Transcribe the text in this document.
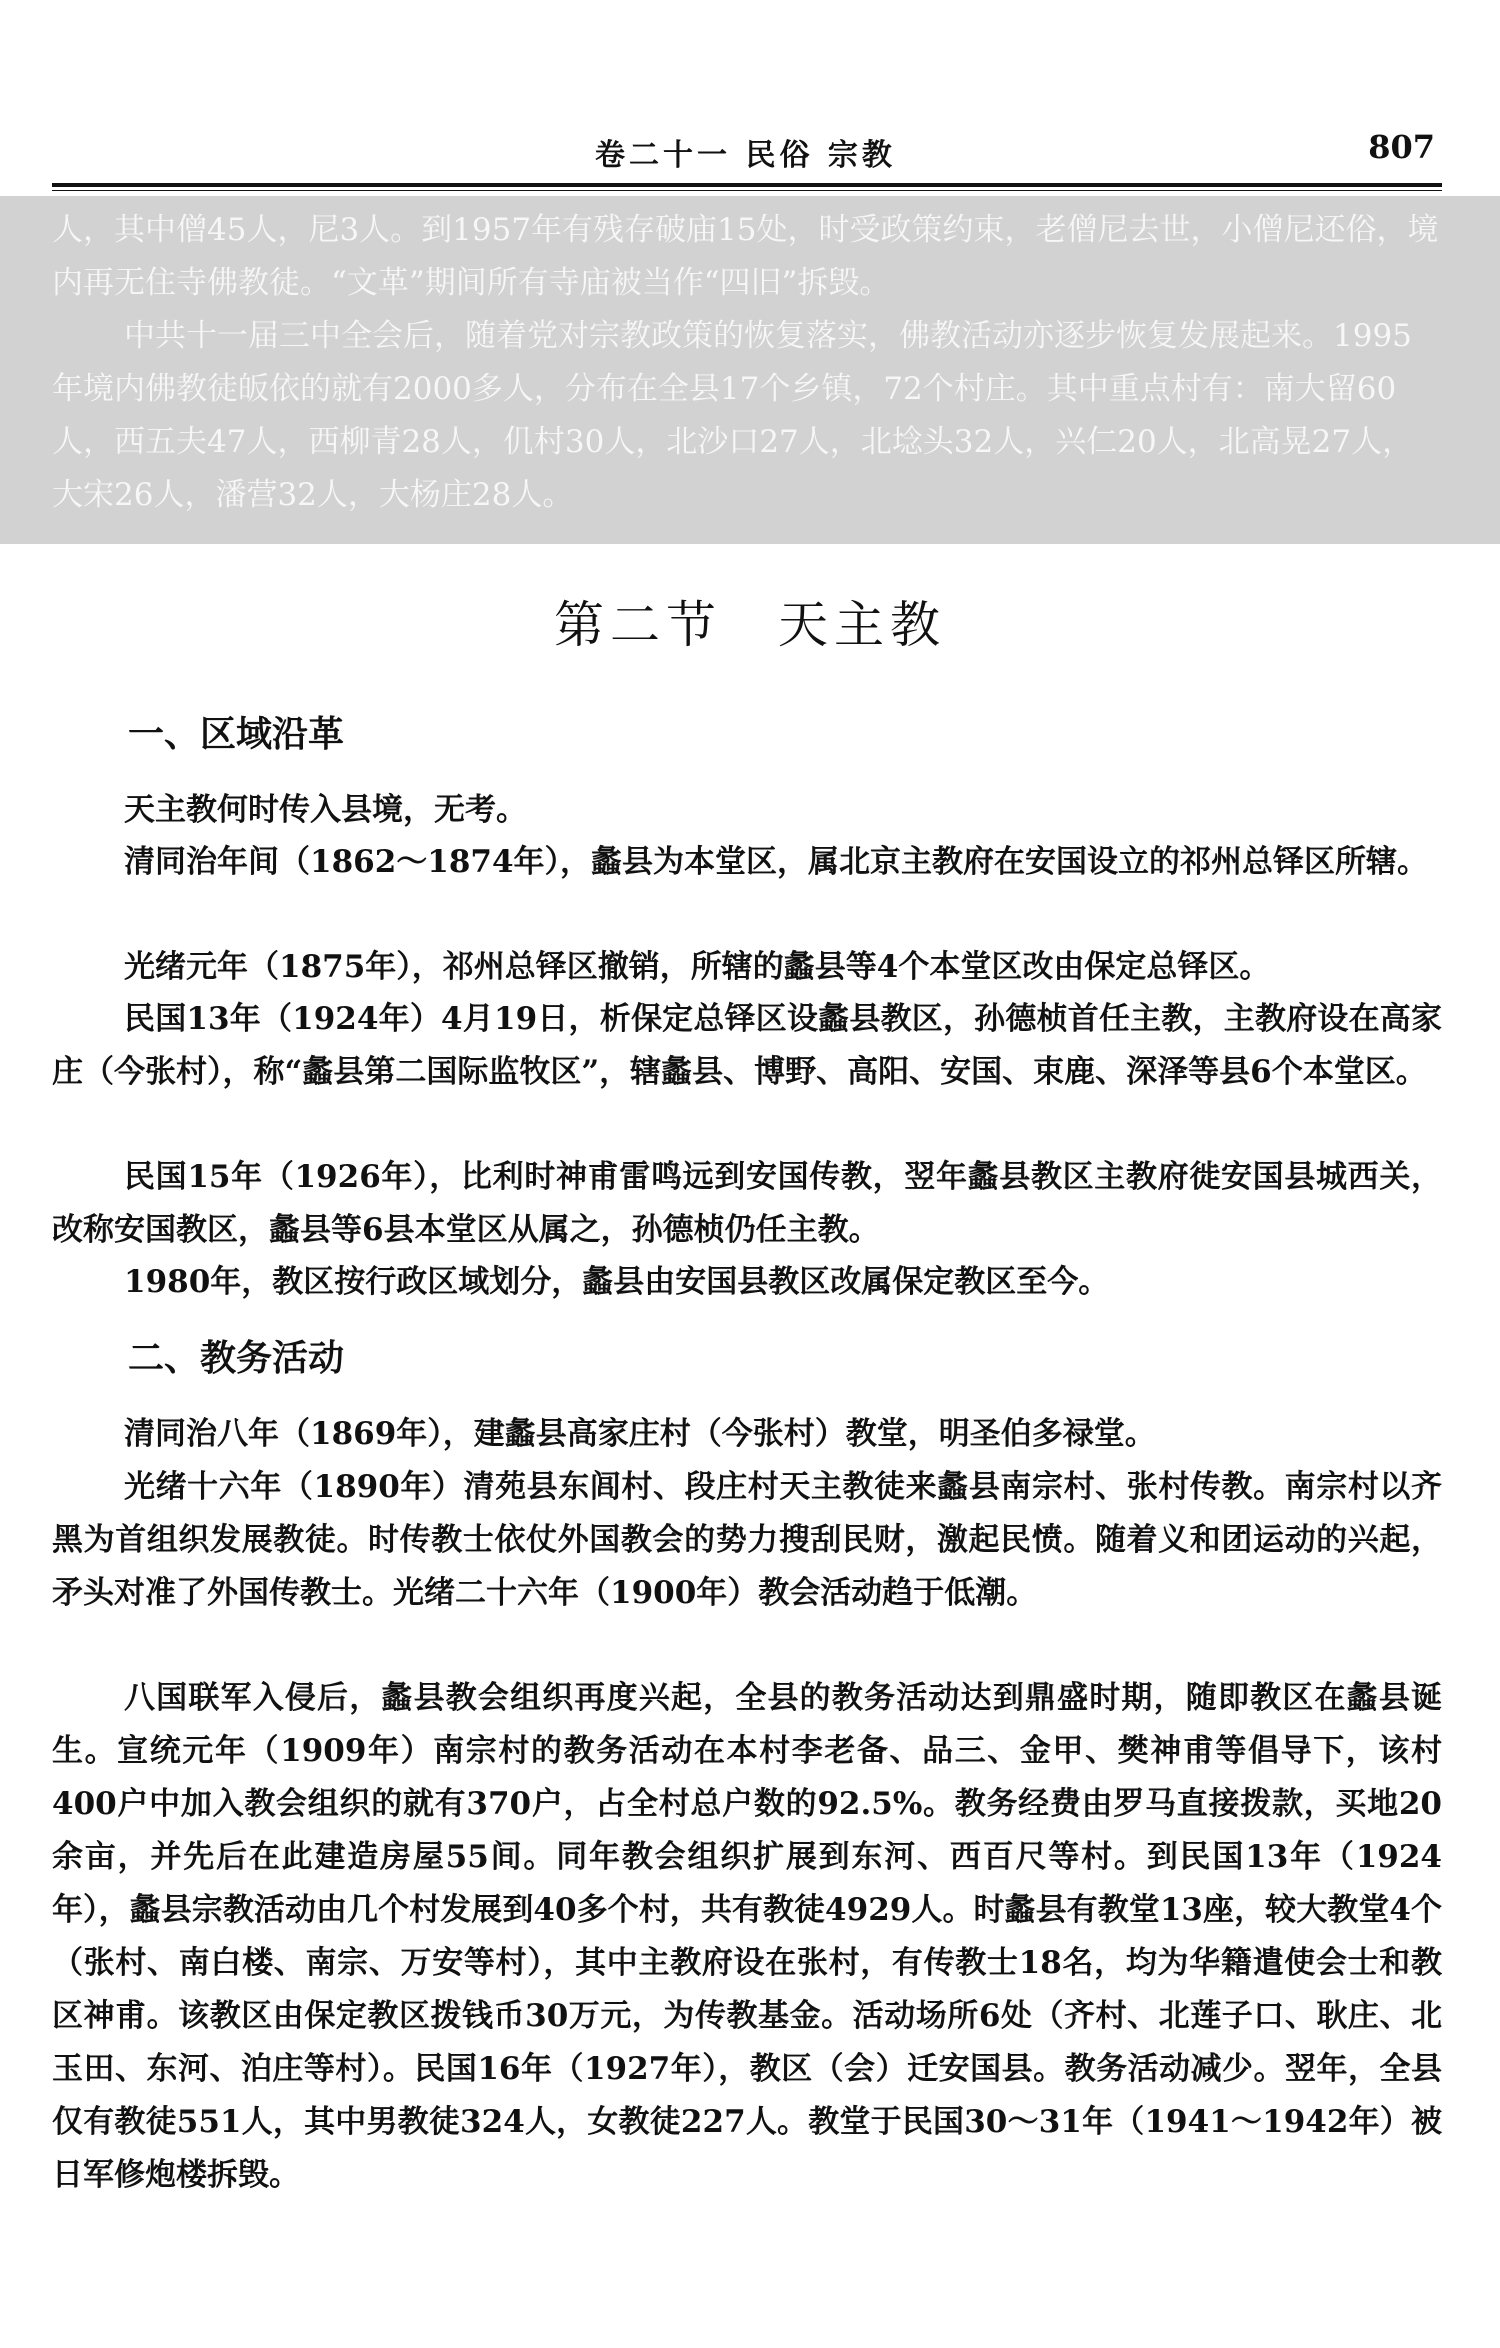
卷二十一 民俗 宗教	807

人，其中僧45人，尼3人。到1957年有残存破庙15处，时受政策约束，老僧尼去世，小僧尼还俗，境内再无住寺佛教徒。“文革”期间所有寺庙被当作“四旧”拆毁。

中共十一届三中全会后，随着党对宗教政策的恢复落实，佛教活动亦逐步恢复发展起来。1995年境内佛教徒皈依的就有2000多人，分布在全县17个乡镇，72个村庄。其中重点村有：南大留60人，西五夫47人，西柳青28人，仉村30人，北沙口27人，北埝头32人，兴仁20人，北高晃27人，大宋26人，潘营32人，大杨庄28人。

第二节　天主教
一、区域沿革

天主教何时传入县境，无考。

清同治年间（1862～1874年），蠡县为本堂区，属北京主教府在安国设立的祁州总铎区所辖。

光绪元年（1875年），祁州总铎区撤销，所辖的蠡县等4个本堂区改由保定总铎区。

民国13年（1924年）4月19日，析保定总铎区设蠡县教区，孙德桢首任主教，主教府设在高家庄（今张村），称“蠡县第二国际监牧区”，辖蠡县、博野、高阳、安国、束鹿、深泽等县6个本堂区。

民国15年（1926年），比利时神甫雷鸣远到安国传教，翌年蠡县教区主教府徙安国县城西关，改称安国教区，蠡县等6县本堂区从属之，孙德桢仍任主教。

1980年，教区按行政区域划分，蠡县由安国县教区改属保定教区至今。

二、教务活动

清同治八年（1869年），建蠡县高家庄村（今张村）教堂，明圣伯多禄堂。

光绪十六年（1890年）清苑县东闾村、段庄村天主教徒来蠡县南宗村、张村传教。南宗村以齐黑为首组织发展教徒。时传教士依仗外国教会的势力搜刮民财，激起民愤。随着义和团运动的兴起，矛头对准了外国传教士。光绪二十六年（1900年）教会活动趋于低潮。

八国联军入侵后，蠡县教会组织再度兴起，全县的教务活动达到鼎盛时期，随即教区在蠡县诞生。宣统元年（1909年）南宗村的教务活动在本村李老备、品三、金甲、樊神甫等倡导下，该村400户中加入教会组织的就有370户，占全村总户数的92.5%。教务经费由罗马直接拨款，买地20余亩，并先后在此建造房屋55间。同年教会组织扩展到东河、西百尺等村。到民国13年（1924年），蠡县宗教活动由几个村发展到40多个村，共有教徒4929人。时蠡县有教堂13座，较大教堂4个（张村、南白楼、南宗、万安等村），其中主教府设在张村，有传教士18名，均为华籍遣使会士和教区神甫。该教区由保定教区拨钱币30万元，为传教基金。活动场所6处（齐村、北莲子口、耿庄、北玉田、东河、泊庄等村）。民国16年（1927年），教区（会）迁安国县。教务活动减少。翌年，全县仅有教徒551人，其中男教徒324人，女教徒227人。教堂于民国30～31年（1941～1942年）被日军修炮楼拆毁。
